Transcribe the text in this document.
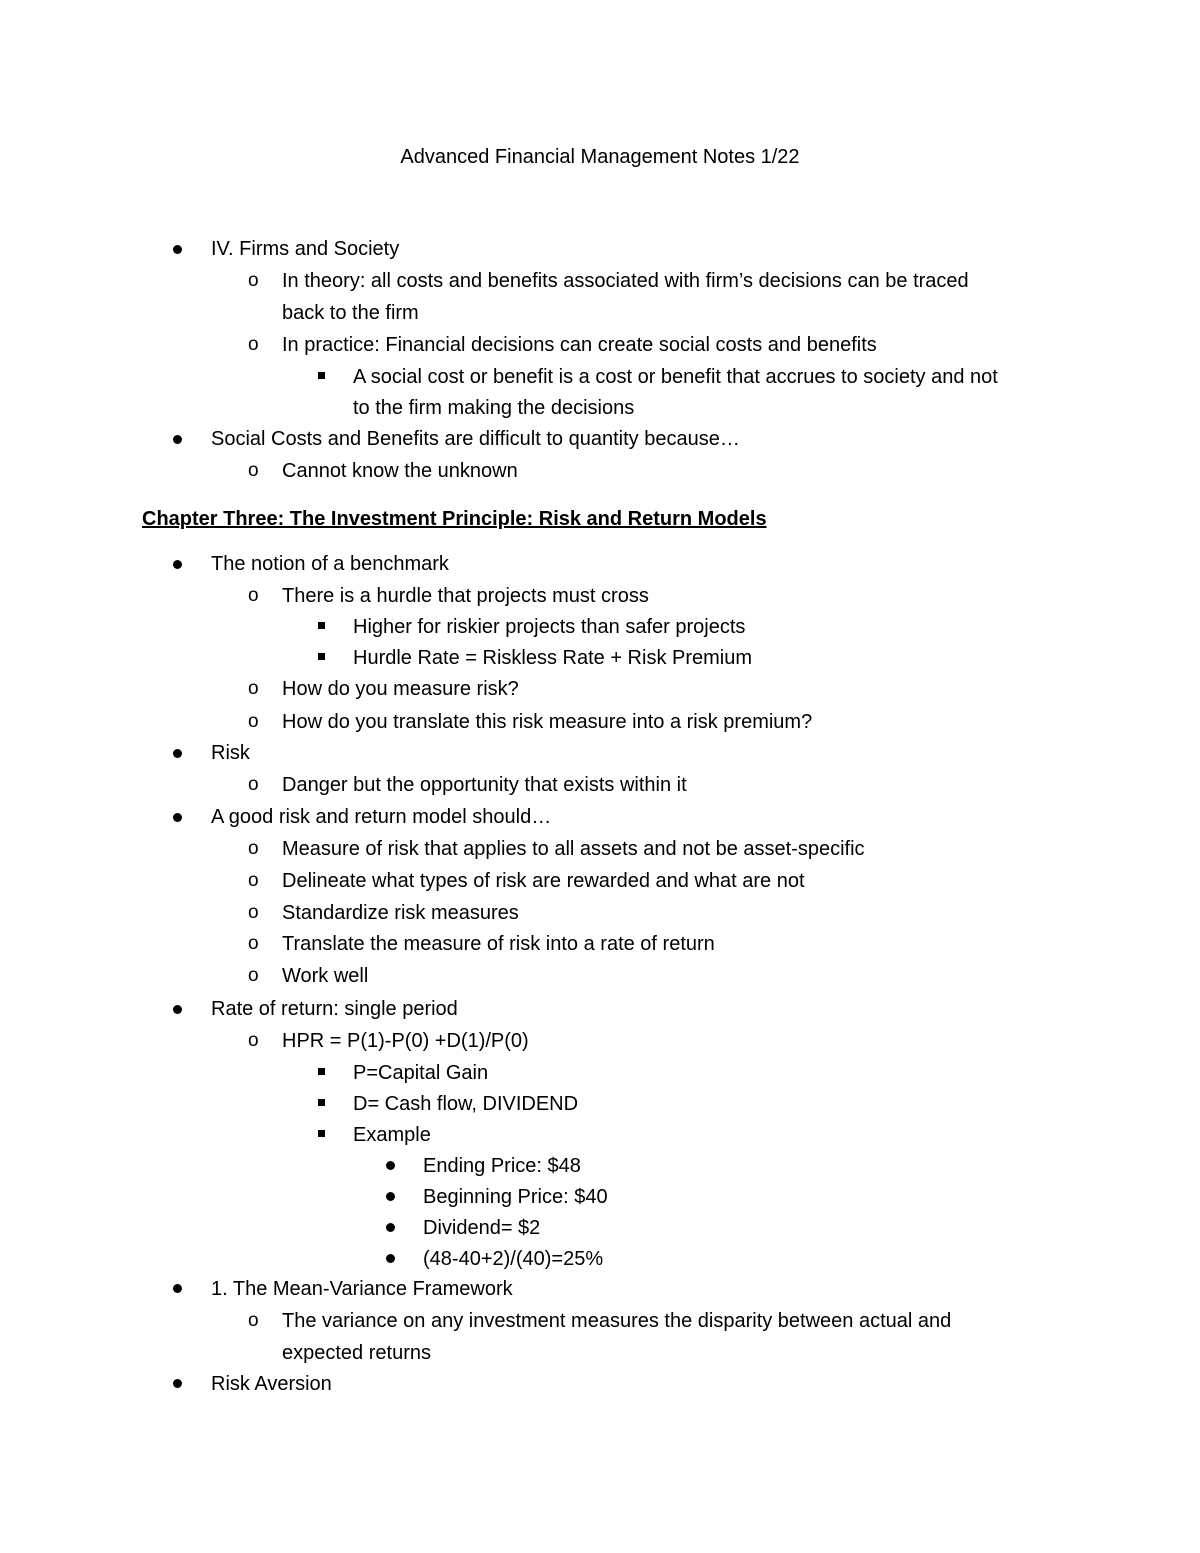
Advanced Financial Management Notes 1/22
IV. Firms and Society
o In theory: all costs and benefits associated with firm’s decisions can be traced
back to the firm
o In practice: Financial decisions can create social costs and benefits
A social cost or benefit is a cost or benefit that accrues to society and not
to the firm making the decisions
Social Costs and Benefits are difficult to quantity because…
o Cannot know the unknown
Chapter Three: The Investment Principle: Risk and Return Models
The notion of a benchmark
o There is a hurdle that projects must cross
Higher for riskier projects than safer projects
Hurdle Rate = Riskless Rate + Risk Premium
o How do you measure risk?
o How do you translate this risk measure into a risk premium?
Risk
o Danger but the opportunity that exists within it
A good risk and return model should…
o Measure of risk that applies to all assets and not be asset-specific
o Delineate what types of risk are rewarded and what are not
o Standardize risk measures
o Translate the measure of risk into a rate of return
o Work well
Rate of return: single period
o HPR = P(1)-P(0) +D(1)/P(0)
P=Capital Gain
D= Cash flow, DIVIDEND
Example
Ending Price: $48
Beginning Price: $40
Dividend= $2
(48-40+2)/(40)=25%
1. The Mean-Variance Framework
o The variance on any investment measures the disparity between actual and
expected returns
Risk Aversion
